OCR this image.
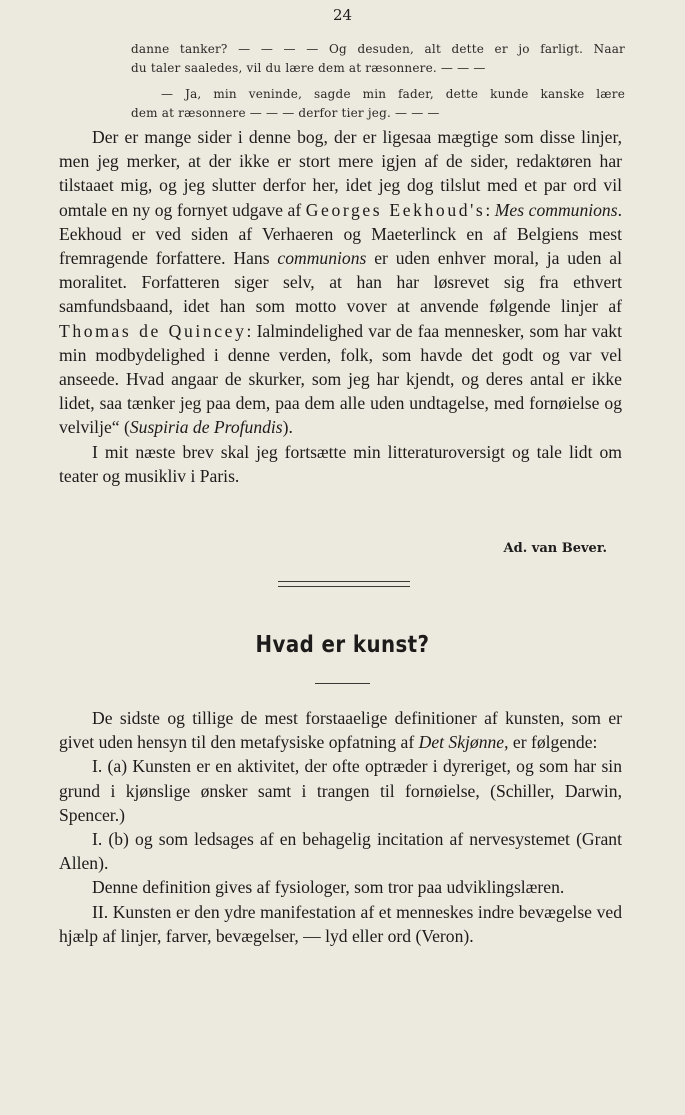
24

danne tanker? — — — — Og desuden, alt dette er jo farligt. Naar

du taler saaledes, vil du lære dem at ræsonnere. — — —

— Ja, min veninde, sagde min fader, dette kunde kanske lære

dem at ræsonnere — — — derfor tier jeg. — — —

Der er mange sider i denne bog, der er ligesaa mægtige som disse linjer, men jeg merker, at der ikke er stort mere igjen af de sider, redaktøren har tilstaaet mig, og jeg slutter derfor her, idet jeg dog tilslut med et par ord vil omtale en ny og fornyet udgave af Georges Eekhoud's: Mes communions. Eekhoud er ved siden af Verhaeren og Maeterlinck en af Belgiens mest fremragende forfattere. Hans communions er uden enhver moral, ja uden al moralitet. Forfatteren siger selv, at han har løsrevet sig fra ethvert samfundsbaand, idet han som motto vover at anvende følgende linjer af Thomas de Quincey: Ialmindelighed var de faa mennesker, som har vakt min modbydelighed i denne verden, folk, som havde det godt og var vel anseede. Hvad angaar de skurker, som jeg har kjendt, og deres antal er ikke lidet, saa tænker jeg paa dem, paa dem alle uden undtagelse, med fornøielse og velvilje“ (Suspiria de Profundis).

I mit næste brev skal jeg fortsætte min litteraturoversigt og tale lidt om teater og musikliv i Paris.

Ad. van Bever.
Hvad er kunst?

De sidste og tillige de mest forstaaelige definitioner af kunsten, som er givet uden hensyn til den metafysiske opfatning af Det Skjønne, er følgende:

I. (a) Kunsten er en aktivitet, der ofte optræder i dyreriget, og som har sin grund i kjønslige ønsker samt i trangen til fornøielse, (Schiller, Darwin, Spencer.)

I. (b) og som ledsages af en behagelig incitation af nervesystemet (Grant Allen).

Denne definition gives af fysiologer, som tror paa udviklingslæren.

II. Kunsten er den ydre manifestation af et menneskes indre bevægelse ved hjælp af linjer, farver, bevægelser, — lyd eller ord (Veron).
